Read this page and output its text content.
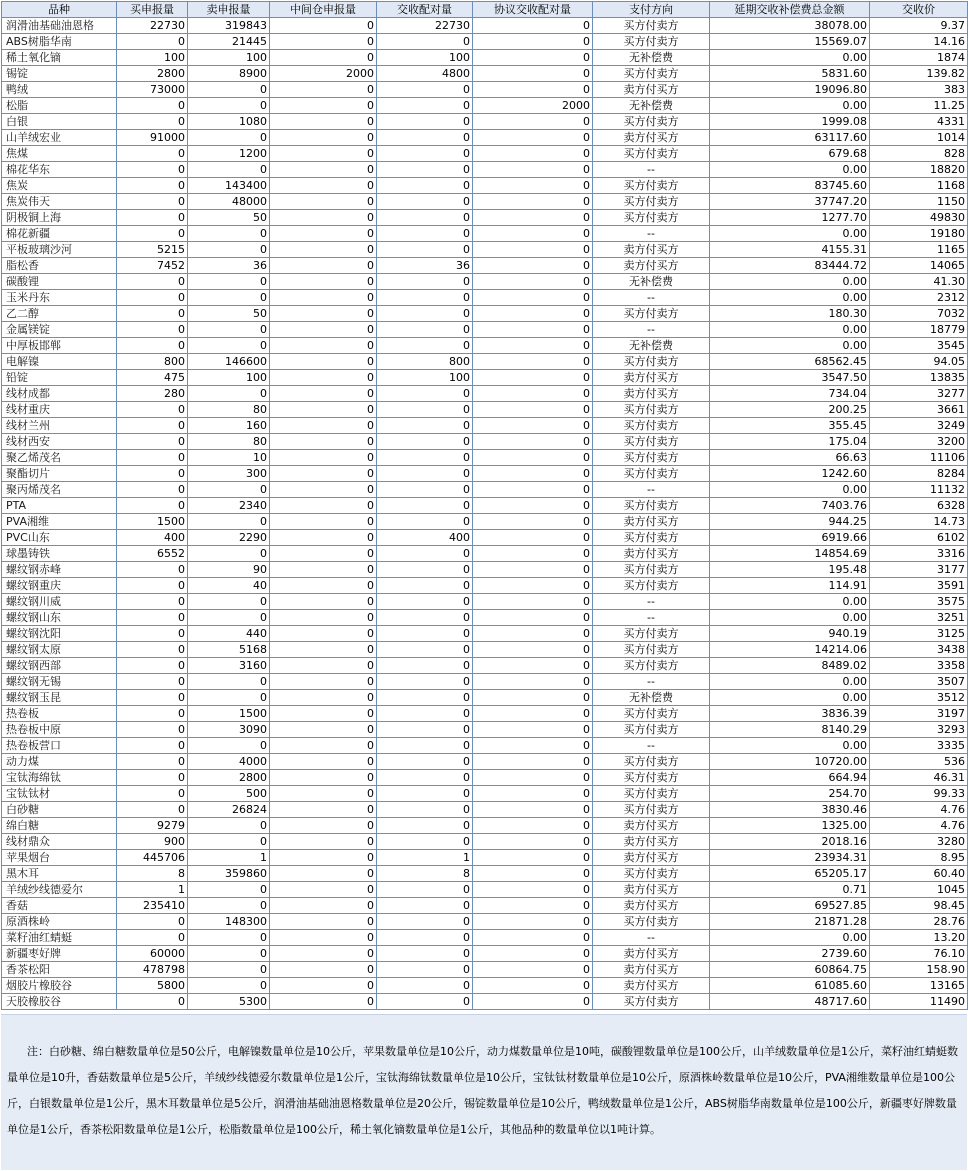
品种	买申报量	卖申报量	中间仓申报量	交收配对量	协议交收配对量	支付方向	延期交收补偿费总金额	交收价
润滑油基础油恩格	22730	319843	0	22730	0	买方付卖方	38078.00	9.37
ABS树脂华南	0	21445	0	0	0	买方付卖方	15569.07	14.16
稀土氧化镝	100	100	0	100	0	无补偿费	0.00	1874
锡锭	2800	8900	2000	4800	0	买方付卖方	5831.60	139.82
鸭绒	73000	0	0	0	0	卖方付买方	19096.80	383
松脂	0	0	0	0	2000	无补偿费	0.00	11.25
白银	0	1080	0	0	0	买方付卖方	1999.08	4331
山羊绒宏业	91000	0	0	0	0	卖方付买方	63117.60	1014
焦煤	0	1200	0	0	0	买方付卖方	679.68	828
棉花华东	0	0	0	0	0	--	0.00	18820
焦炭	0	143400	0	0	0	买方付卖方	83745.60	1168
焦炭伟天	0	48000	0	0	0	买方付卖方	37747.20	1150
阴极铜上海	0	50	0	0	0	买方付卖方	1277.70	49830
棉花新疆	0	0	0	0	0	--	0.00	19180
平板玻璃沙河	5215	0	0	0	0	卖方付买方	4155.31	1165
脂松香	7452	36	0	36	0	卖方付买方	83444.72	14065
碳酸锂	0	0	0	0	0	无补偿费	0.00	41.30
玉米丹东	0	0	0	0	0	--	0.00	2312
乙二醇	0	50	0	0	0	买方付卖方	180.30	7032
金属镁锭	0	0	0	0	0	--	0.00	18779
中厚板邯郸	0	0	0	0	0	无补偿费	0.00	3545
电解镍	800	146600	0	800	0	买方付卖方	68562.45	94.05
铅锭	475	100	0	100	0	卖方付买方	3547.50	13835
线材成都	280	0	0	0	0	卖方付买方	734.04	3277
线材重庆	0	80	0	0	0	买方付卖方	200.25	3661
线材兰州	0	160	0	0	0	买方付卖方	355.45	3249
线材西安	0	80	0	0	0	买方付卖方	175.04	3200
聚乙烯茂名	0	10	0	0	0	买方付卖方	66.63	11106
聚酯切片	0	300	0	0	0	买方付卖方	1242.60	8284
聚丙烯茂名	0	0	0	0	0	--	0.00	11132
PTA	0	2340	0	0	0	买方付卖方	7403.76	6328
PVA湘维	1500	0	0	0	0	卖方付买方	944.25	14.73
PVC山东	400	2290	0	400	0	买方付卖方	6919.66	6102
球墨铸铁	6552	0	0	0	0	卖方付买方	14854.69	3316
螺纹钢赤峰	0	90	0	0	0	买方付卖方	195.48	3177
螺纹钢重庆	0	40	0	0	0	买方付卖方	114.91	3591
螺纹钢川威	0	0	0	0	0	--	0.00	3575
螺纹钢山东	0	0	0	0	0	--	0.00	3251
螺纹钢沈阳	0	440	0	0	0	买方付卖方	940.19	3125
螺纹钢太原	0	5168	0	0	0	买方付卖方	14214.06	3438
螺纹钢西部	0	3160	0	0	0	买方付卖方	8489.02	3358
螺纹钢无锡	0	0	0	0	0	--	0.00	3507
螺纹钢玉昆	0	0	0	0	0	无补偿费	0.00	3512
热卷板	0	1500	0	0	0	买方付卖方	3836.39	3197
热卷板中原	0	3090	0	0	0	买方付卖方	8140.29	3293
热卷板营口	0	0	0	0	0	--	0.00	3335
动力煤	0	4000	0	0	0	买方付卖方	10720.00	536
宝钛海绵钛	0	2800	0	0	0	买方付卖方	664.94	46.31
宝钛钛材	0	500	0	0	0	买方付卖方	254.70	99.33
白砂糖	0	26824	0	0	0	买方付卖方	3830.46	4.76
绵白糖	9279	0	0	0	0	卖方付买方	1325.00	4.76
线材鼎众	900	0	0	0	0	卖方付买方	2018.16	3280
苹果烟台	445706	1	0	1	0	卖方付买方	23934.31	8.95
黑木耳	8	359860	0	8	0	买方付卖方	65205.17	60.40
羊绒纱线德爱尔	1	0	0	0	0	卖方付买方	0.71	1045
香菇	235410	0	0	0	0	卖方付买方	69527.85	98.45
原酒株岭	0	148300	0	0	0	买方付卖方	21871.28	28.76
菜籽油红蜻蜓	0	0	0	0	0	--	0.00	13.20
新疆枣好牌	60000	0	0	0	0	卖方付买方	2739.60	76.10
香茶松阳	478798	0	0	0	0	卖方付买方	60864.75	158.90
烟胶片橡胶谷	5800	0	0	0	0	卖方付买方	61085.60	13165
天胶橡胶谷	0	5300	0	0	0	买方付卖方	48717.60	11490
注：白砂糖、绵白糖数量单位是50公斤，电解镍数量单位是10公斤，苹果数量单位是10公斤，动力煤数量单位是10吨，碳酸锂数量单位是100公斤，山羊绒数量单位是1公斤，菜籽油红蜻蜓数量单位是10升，香菇数量单位是5公斤，羊绒纱线德爱尔数量单位是1公斤，宝钛海绵钛数量单位是10公斤，宝钛钛材数量单位是10公斤，原酒株岭数量单位是10公斤，PVA湘维数量单位是100公斤，白银数量单位是1公斤，黑木耳数量单位是5公斤，润滑油基础油恩格数量单位是20公斤，锡锭数量单位是10公斤，鸭绒数量单位是1公斤，ABS树脂华南数量单位是100公斤，新疆枣好牌数量单位是1公斤，香茶松阳数量单位是1公斤，松脂数量单位是100公斤，稀土氧化镝数量单位是1公斤，其他品种的数量单位以1吨计算。
